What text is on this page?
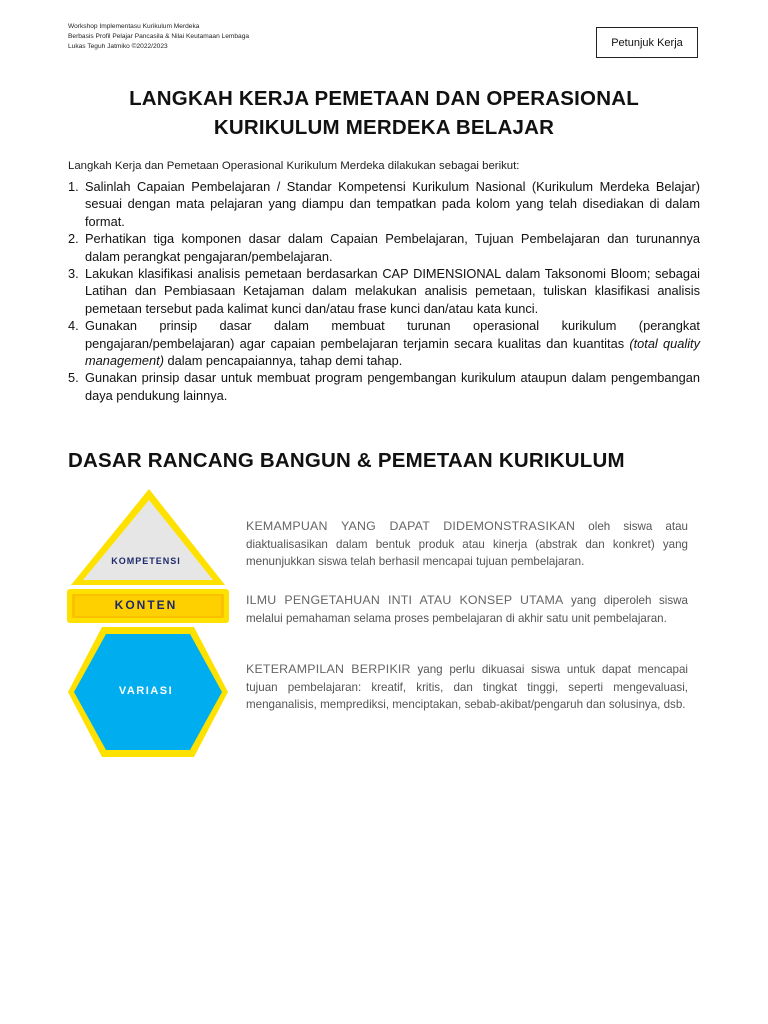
Workshop Implementasu Kurikulum Merdeka
Berbasis Profil Pelajar Pancasila & Nilai Keutamaan Lembaga
Lukas Teguh Jatmiko ©2022/2023	Petunjuk Kerja
LANGKAH KERJA PEMETAAN DAN OPERASIONAL
KURIKULUM MERDEKA BELAJAR
Langkah Kerja dan Pemetaan Operasional Kurikulum Merdeka dilakukan sebagai berikut:
1. Salinlah Capaian Pembelajaran / Standar Kompetensi Kurikulum Nasional (Kurikulum Merdeka Belajar) sesuai dengan mata pelajaran yang diampu dan tempatkan pada kolom yang telah disediakan di dalam format.
2. Perhatikan tiga komponen dasar dalam Capaian Pembelajaran, Tujuan Pembelajaran dan turunannya dalam perangkat pengajaran/pembelajaran.
3. Lakukan klasifikasi analisis pemetaan berdasarkan CAP DIMENSIONAL dalam Taksonomi Bloom; sebagai Latihan dan Pembiasaan Ketajaman dalam melakukan analisis pemetaan, tuliskan klasifikasi analisis pemetaan tersebut pada kalimat kunci dan/atau frase kunci dan/atau kata kunci.
4. Gunakan prinsip dasar dalam membuat turunan operasional kurikulum (perangkat pengajaran/pembelajaran) agar capaian pembelajaran terjamin secara kualitas dan kuantitas (total quality management) dalam pencapaiannya, tahap demi tahap.
5. Gunakan prinsip dasar untuk membuat program pengembangan kurikulum ataupun dalam pengembangan daya pendukung lainnya.
DASAR RANCANG BANGUN & PEMETAAN KURIKULUM
KOMPETENSI
KONTEN
VARIASI
KEMAMPUAN YANG DAPAT DIDEMONSTRASIKAN oleh siswa atau diaktualisasikan dalam bentuk produk atau kinerja (abstrak dan konkret) yang menunjukkan siswa telah berhasil mencapai tujuan pembelajaran.
ILMU PENGETAHUAN INTI ATAU KONSEP UTAMA yang diperoleh siswa melalui pemahaman selama proses pembelajaran di akhir satu unit pembelajaran.
KETERAMPILAN BERPIKIR yang perlu dikuasai siswa untuk dapat mencapai tujuan pembelajaran: kreatif, kritis, dan tingkat tinggi, seperti mengevaluasi, menganalisis, memprediksi, menciptakan, sebab-akibat/pengaruh dan solusinya, dsb.
